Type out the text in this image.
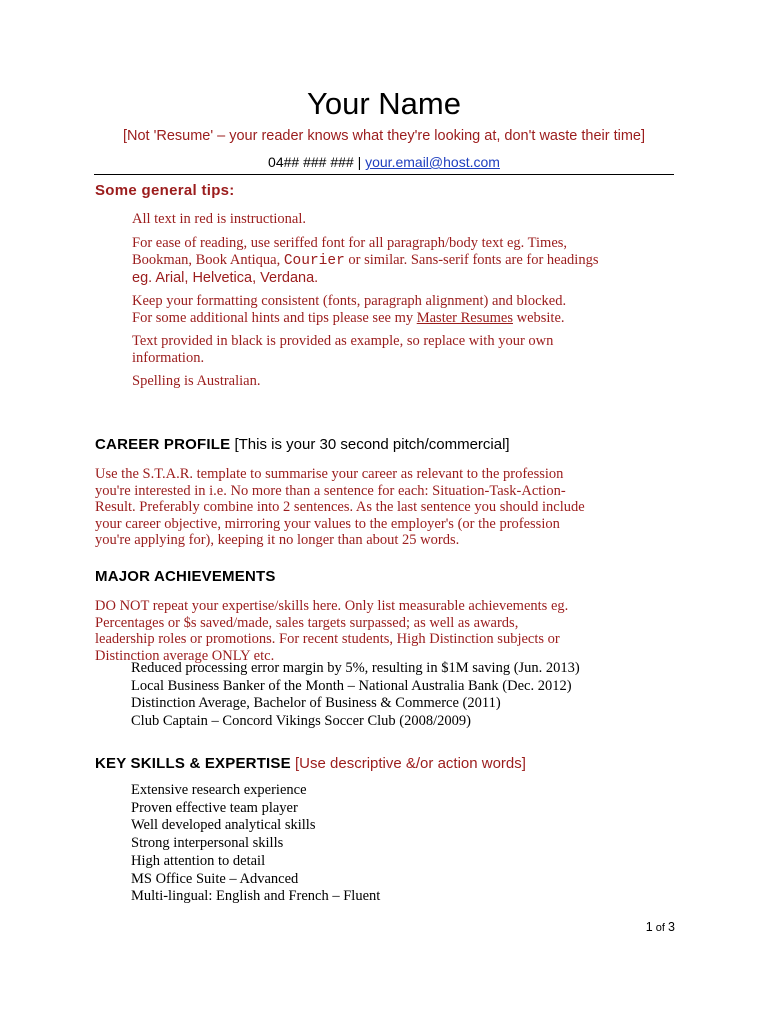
Your Name
[Not 'Resume' – your reader knows what they're looking at, don't waste their time]
04## ### ### | your.email@host.com
Some general tips:
All text in red is instructional.
For ease of reading, use seriffed font for all paragraph/body text eg. Times,
Bookman, Book Antiqua, Courier or similar. Sans-serif fonts are for headings
eg. Arial, Helvetica, Verdana.
Keep your formatting consistent (fonts, paragraph alignment) and blocked.
For some additional hints and tips please see my Master Resumes website.
Text provided in black is provided as example, so replace with your own
information.
Spelling is Australian.
CAREER PROFILE [This is your 30 second pitch/commercial]
Use the S.T.A.R. template to summarise your career as relevant to the profession
you're interested in i.e. No more than a sentence for each: Situation-Task-Action-
Result. Preferably combine into 2 sentences. As the last sentence you should include
your career objective, mirroring your values to the employer's (or the profession
you're applying for), keeping it no longer than about 25 words.
MAJOR ACHIEVEMENTS
DO NOT repeat your expertise/skills here. Only list measurable achievements eg.
Percentages or $s saved/made, sales targets surpassed; as well as awards,
leadership roles or promotions. For recent students, High Distinction subjects or
Distinction average ONLY etc.
Reduced processing error margin by 5%, resulting in $1M saving (Jun. 2013)
Local Business Banker of the Month – National Australia Bank (Dec. 2012)
Distinction Average, Bachelor of Business & Commerce (2011)
Club Captain – Concord Vikings Soccer Club (2008/2009)
KEY SKILLS & EXPERTISE [Use descriptive &/or action words]
Extensive research experience
Proven effective team player
Well developed analytical skills
Strong interpersonal skills
High attention to detail
MS Office Suite – Advanced
Multi-lingual: English and French – Fluent
1 of 3
